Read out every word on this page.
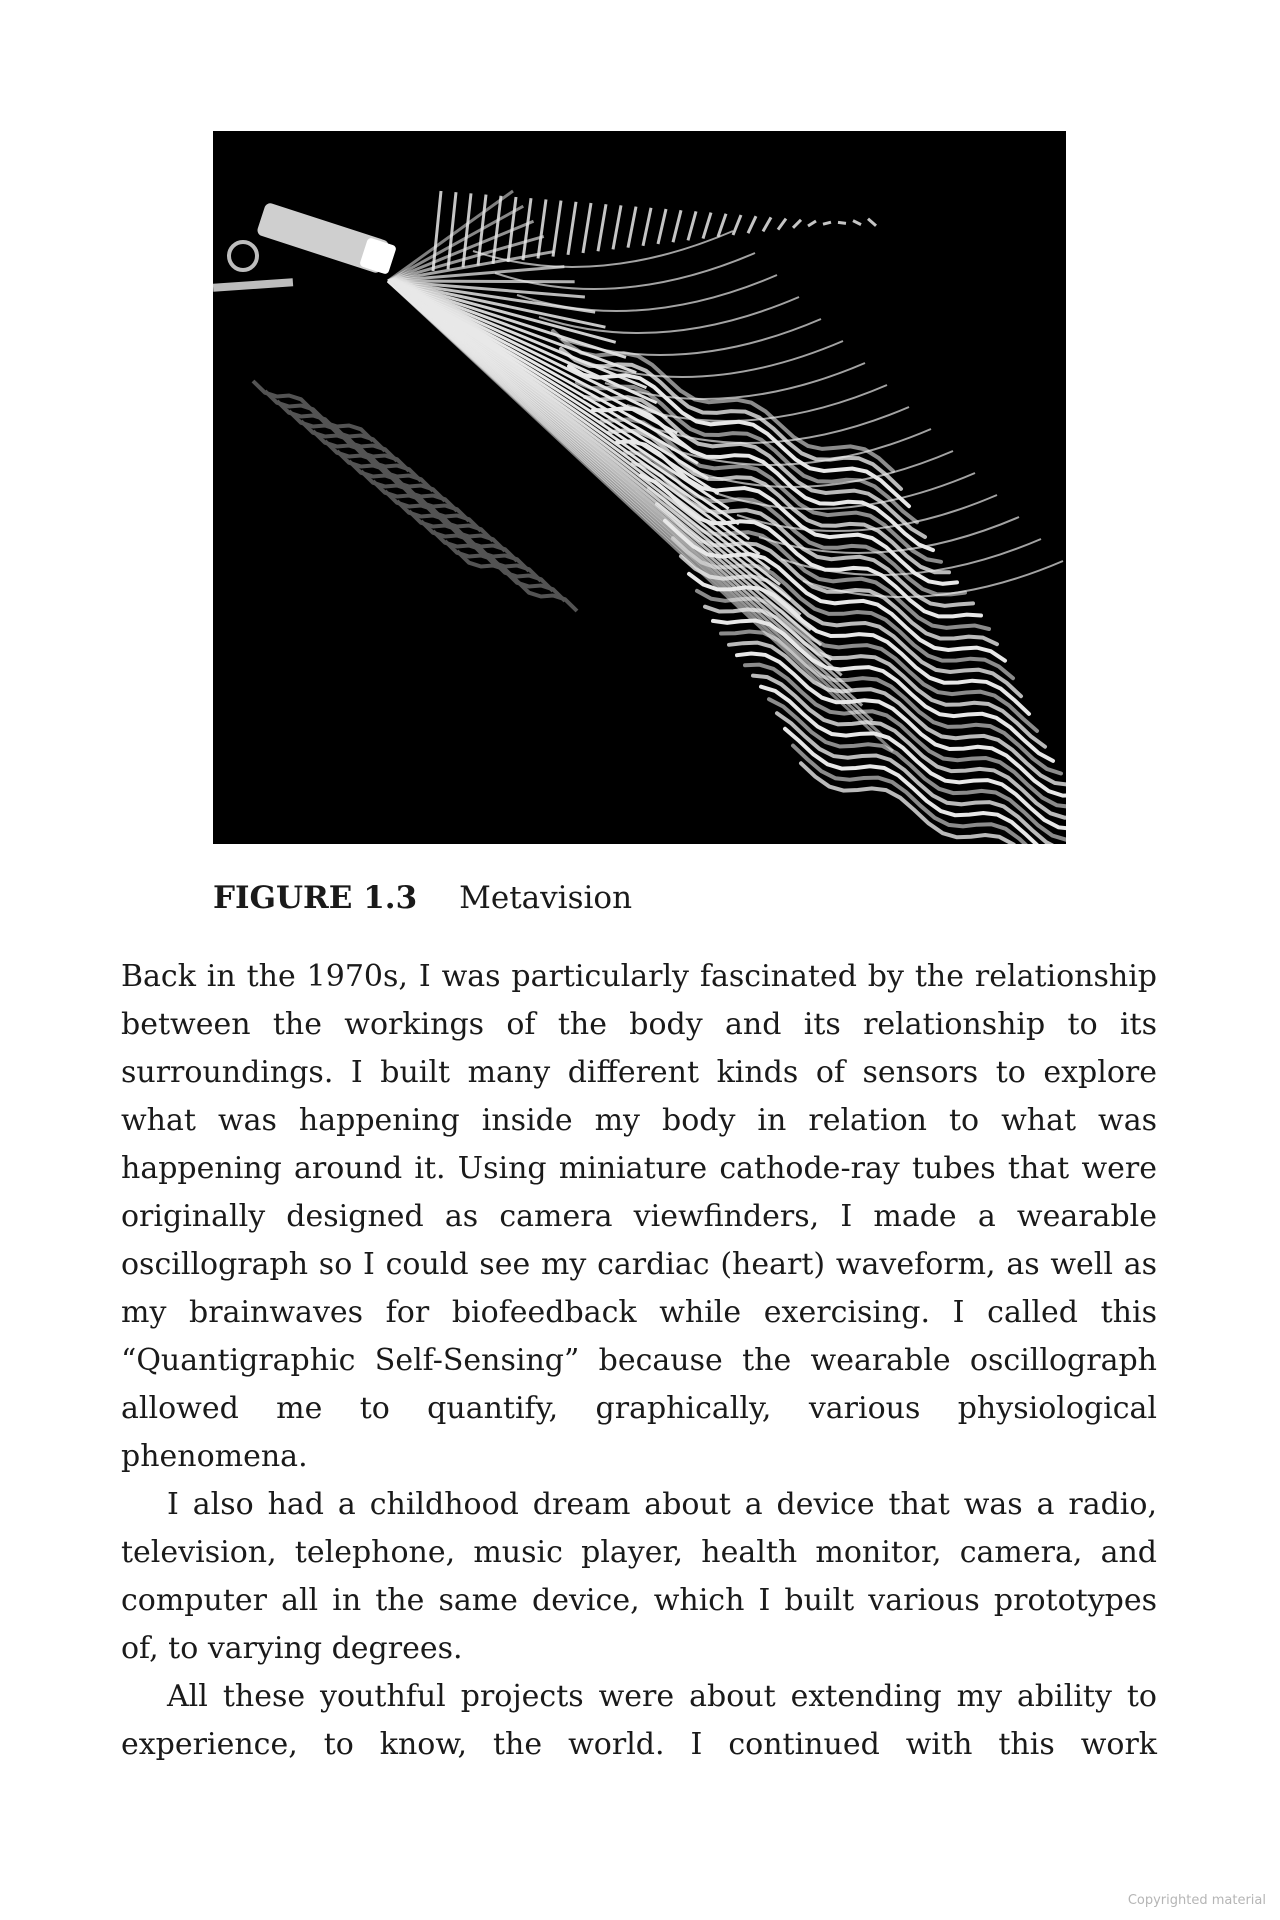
FIGURE 1.3 Metavision

Back in the 1970s, I was particularly fascinated by the relationship between the workings of the body and its relationship to its surroundings. I built many different kinds of sensors to explore what was happening inside my body in relation to what was happening around it. Using miniature cathode-ray tubes that were originally designed as camera viewfinders, I made a wearable oscillograph so I could see my cardiac (heart) waveform, as well as my brainwaves for biofeedback while exercising. I called this “Quantigraphic Self-Sensing” because the wearable oscillograph allowed me to quantify, graphically, various physiological phenomena.

I also had a childhood dream about a device that was a radio, television, telephone, music player, health monitor, camera, and computer all in the same device, which I built various prototypes of, to varying degrees.

All these youthful projects were about extending my ability to experience, to know, the world. I continued with this work

Copyrighted material
